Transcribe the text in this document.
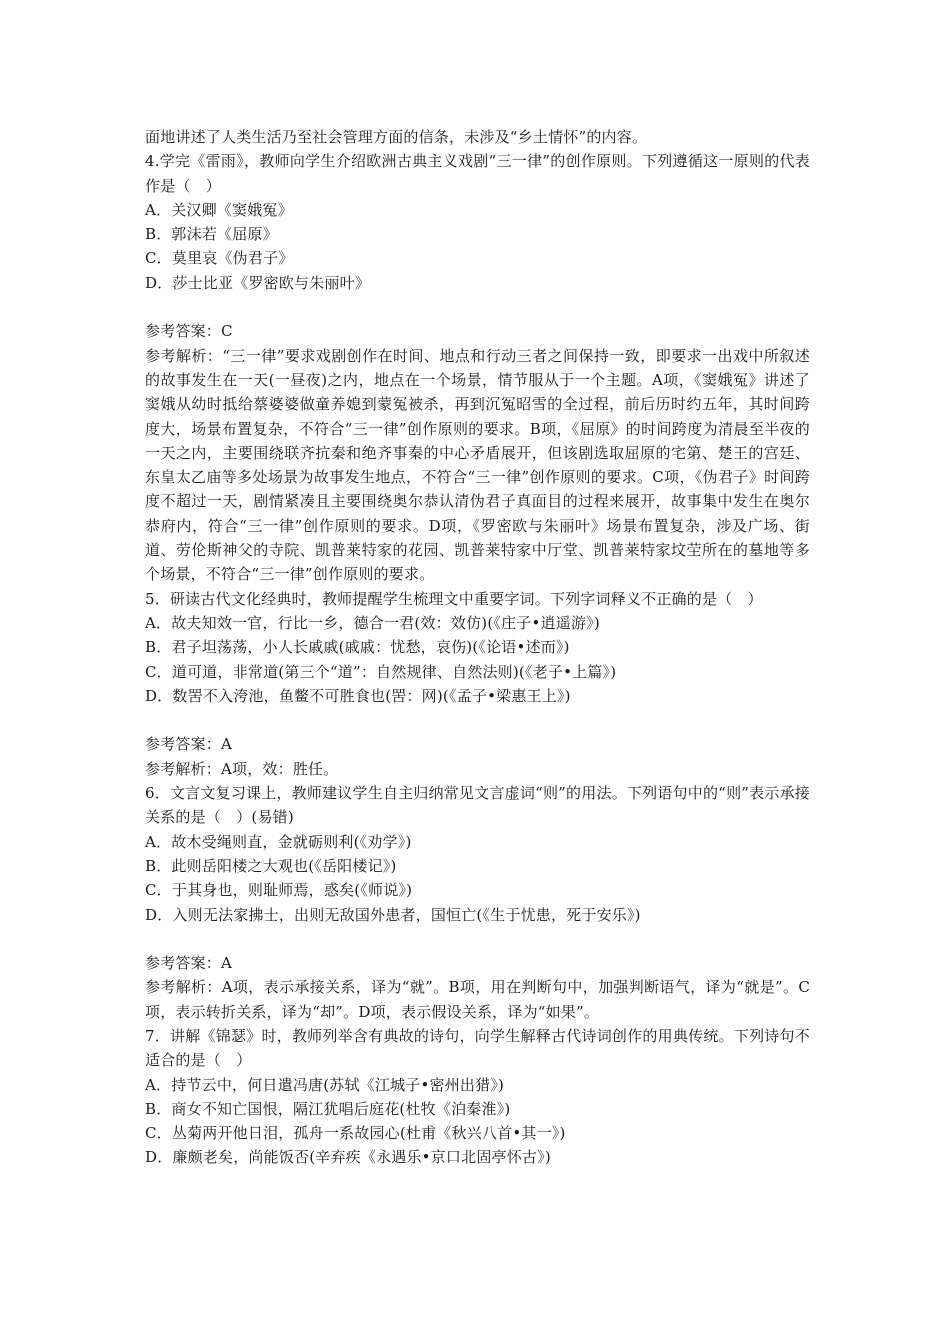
面地讲述了人类生活乃至社会管理方面的信条，未涉及“乡土情怀”的内容。
4.学完《雷雨》，教师向学生介绍欧洲古典主义戏剧“三一律”的创作原则。下列遵循这一原则的代表作是（　）
A．关汉卿《窦娥冤》
B．郭沫若《屈原》
C．莫里哀《伪君子》
D．莎士比亚《罗密欧与朱丽叶》
参考答案：C
参考解析：“三一律”要求戏剧创作在时间、地点和行动三者之间保持一致，即要求一出戏中所叙述的故事发生在一天(一昼夜)之内，地点在一个场景，情节服从于一个主题。A项，《窦娥冤》讲述了窦娥从幼时抵给蔡婆婆做童养媳到蒙冤被杀，再到沉冤昭雪的全过程，前后历时约五年，其时间跨度大，场景布置复杂，不符合“三一律”创作原则的要求。B项，《屈原》的时间跨度为清晨至半夜的一天之内，主要围绕联齐抗秦和绝齐事秦的中心矛盾展开，但该剧选取屈原的宅第、楚王的宫廷、东皇太乙庙等多处场景为故事发生地点，不符合“三一律”创作原则的要求。C项，《伪君子》时间跨度不超过一天，剧情紧凑且主要围绕奥尔恭认清伪君子真面目的过程来展开，故事集中发生在奥尔恭府内，符合“三一律”创作原则的要求。D项，《罗密欧与朱丽叶》场景布置复杂，涉及广场、街道、劳伦斯神父的寺院、凯普莱特家的花园、凯普莱特家中厅堂、凯普莱特家坟茔所在的墓地等多个场景，不符合“三一律”创作原则的要求。
5．研读古代文化经典时，教师提醒学生梳理文中重要字词。下列字词释义不正确的是（　）
A．故夫知效一官，行比一乡，德合一君(效：效仿)(《庄子•逍遥游》)
B．君子坦荡荡，小人长戚戚(戚戚：忧愁，哀伤)(《论语•述而》)
C．道可道，非常道(第三个“道”：自然规律、自然法则)(《老子•上篇》)
D．数罟不入洿池，鱼鳖不可胜食也(罟：网)(《孟子•梁惠王上》)
参考答案：A
参考解析：A项，效：胜任。
6．文言文复习课上，教师建议学生自主归纳常见文言虚词“则”的用法。下列语句中的“则”表示承接关系的是（　）(易错)
A．故木受绳则直，金就砺则利(《劝学》)
B．此则岳阳楼之大观也(《岳阳楼记》)
C．于其身也，则耻师焉，惑矣(《师说》)
D．入则无法家拂士，出则无敌国外患者，国恒亡(《生于忧患，死于安乐》)
参考答案：A
参考解析：A项，表示承接关系，译为“就”。B项，用在判断句中，加强判断语气，译为“就是”。C项，表示转折关系，译为“却”。D项，表示假设关系，译为“如果”。
7．讲解《锦瑟》时，教师列举含有典故的诗句，向学生解释古代诗词创作的用典传统。下列诗句不适合的是（　）
A．持节云中，何日遣冯唐(苏轼《江城子•密州出猎》)
B．商女不知亡国恨，隔江犹唱后庭花(杜牧《泊秦淮》)
C．丛菊两开他日泪，孤舟一系故园心(杜甫《秋兴八首•其一》)
D．廉颇老矣，尚能饭否(辛弃疾《永遇乐•京口北固亭怀古》)
